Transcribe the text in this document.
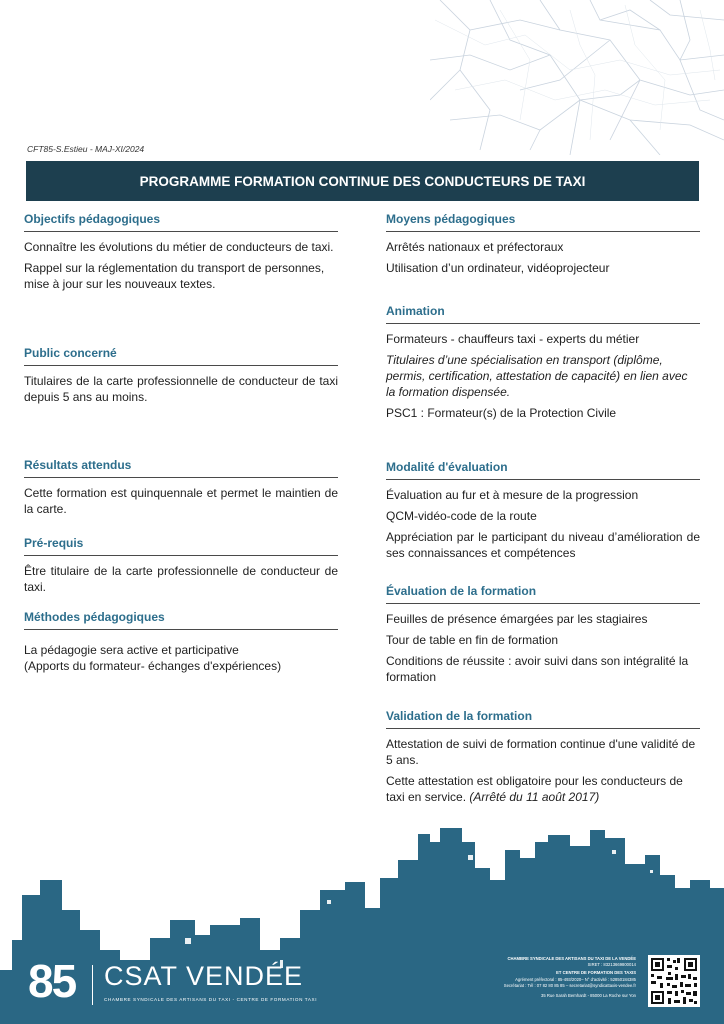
CFT85-S.Estieu - MAJ-XI/2024
PROGRAMME FORMATION CONTINUE DES CONDUCTEURS DE TAXI
Objectifs pédagogiques

Connaître les évolutions du métier de conducteurs de taxi.

Rappel sur la réglementation du transport de personnes, mise à jour sur les nouveaux textes.

Public concerné

Titulaires de la carte professionnelle de conducteur de taxi depuis 5 ans au moins.

Résultats attendus

Cette formation est quinquennale et permet le maintien de la carte.

Pré-requis

Être titulaire de la carte professionnelle de conducteur de taxi.

Méthodes pédagogiques

La pédagogie sera active et participative

(Apports du formateur- échanges d'expériences)

Moyens pédagogiques

Arrêtés nationaux et préfectoraux

Utilisation d’un ordinateur, vidéoprojecteur

Animation

Formateurs - chauffeurs taxi - experts du métier

Titulaires d’une spécialisation en transport (diplôme, permis, certification, attestation de capacité) en lien avec la formation dispensée.

PSC1 : Formateur(s) de la Protection Civile

Modalité d'évaluation

Évaluation au fur et à mesure de la progression

QCM-vidéo-code de la route

Appréciation par le participant du niveau d’amélioration de ses connaissances et compétences

Évaluation de la formation

Feuilles de présence émargées par les stagiaires

Tour de table en fin de formation

Conditions de réussite : avoir suivi dans son intégralité la formation

Validation de la formation

Attestation de suivi de formation continue d'une validité de 5 ans.

Cette attestation est obligatoire pour les conducteurs de taxi en service. (Arrêté du 11 août 2017)

85 CSAT VENDÉE
CHAMBRE SYNDICALE DES ARTISANS DU TAXI - CENTRE DE FORMATION TAXI
CHAMBRE SYNDICALE DES ARTISANS DU TAXI DE LA VENDÉE
SIRET : 83213669800014
ET CENTRE DE FORMATION DES TAXIS
Agrément préfectoral : 85-493/2020– N° d’activité : 52850184385
Secrétariat : Tél : 07 82 80 85 85 – secretariat@syndicattaxis-vendee.fr
35 Rue Sarah Bernhardt - 85000 La Roche sur Yon
